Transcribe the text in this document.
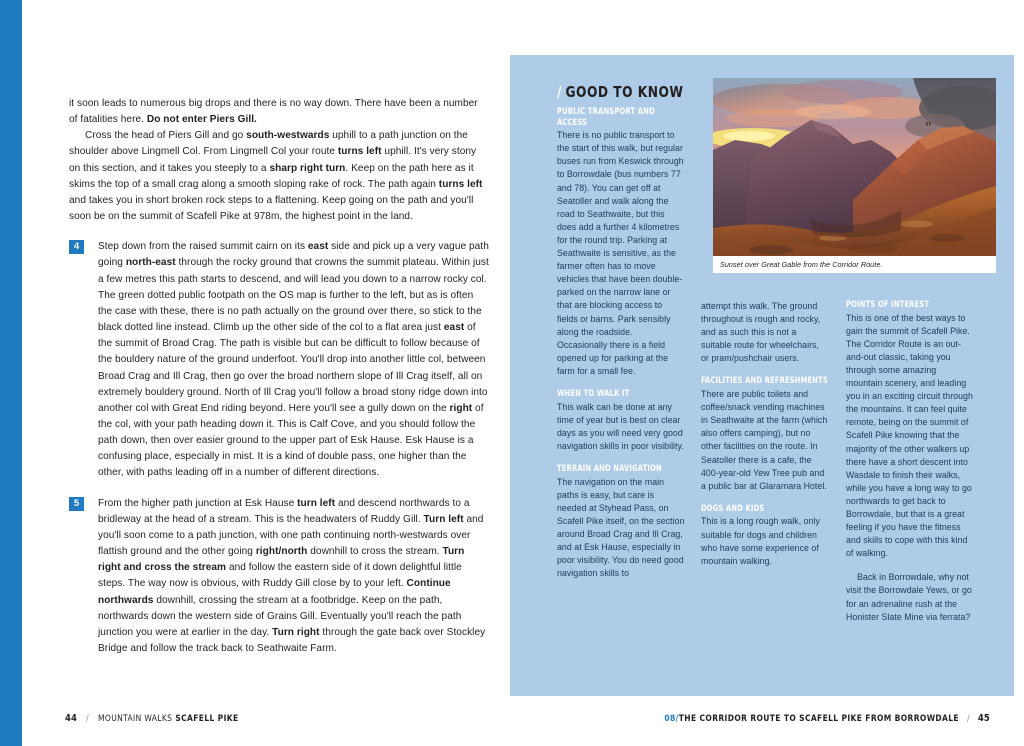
it soon leads to numerous big drops and there is no way down. There have been a number of fatalities here. Do not enter Piers Gill.

Cross the head of Piers Gill and go south-westwards uphill to a path junction on the shoulder above Lingmell Col. From Lingmell Col your route turns left uphill. It's very stony on this section, and it takes you steeply to a sharp right turn. Keep on the path here as it skims the top of a small crag along a smooth sloping rake of rock. The path again turns left and takes you in short broken rock steps to a flattening. Keep going on the path and you'll soon be on the summit of Scafell Pike at 978m, the highest point in the land.

4	Step down from the raised summit cairn on its east side and pick up a very vague path going north-east through the rocky ground that crowns the summit plateau. Within just a few metres this path starts to descend, and will lead you down to a narrow rocky col. The green dotted public footpath on the OS map is further to the left, but as is often the case with these, there is no path actually on the ground over there, so stick to the black dotted line instead. Climb up the other side of the col to a flat area just east of the summit of Broad Crag. The path is visible but can be difficult to follow because of the bouldery nature of the ground underfoot. You'll drop into another little col, between Broad Crag and Ill Crag, then go over the broad northern slope of Ill Crag itself, all on extremely bouldery ground. North of Ill Crag you'll follow a broad stony ridge down into another col with Great End riding beyond. Here you'll see a gully down on the right of the col, with your path heading down it. This is Calf Cove, and you should follow the path down, then over easier ground to the upper part of Esk Hause. Esk Hause is a confusing place, especially in mist. It is a kind of double pass, one higher than the other, with paths leading off in a number of different directions.

5	From the higher path junction at Esk Hause turn left and descend northwards to a bridleway at the head of a stream. This is the headwaters of Ruddy Gill. Turn left and you'll soon come to a path junction, with one path continuing north-westwards over flattish ground and the other going right/north downhill to cross the stream. Turn right and cross the stream and follow the eastern side of it down delightful little steps. The way now is obvious, with Ruddy Gill close by to your left. Continue northwards downhill, crossing the stream at a footbridge. Keep on the path, northwards down the western side of Grains Gill. Eventually you'll reach the path junction you were at earlier in the day. Turn right through the gate back over Stockley Bridge and follow the track back to Seathwaite Farm.

44 / MOUNTAIN WALKS SCAFELL PIKE
/ GOOD TO KNOW
Sunset over Great Gable from the Corridor Route.
PUBLIC TRANSPORT AND ACCESS

There is no public transport to the start of this walk, but regular buses run from Keswick through to Borrowdale (bus numbers 77 and 78). You can get off at Seatoller and walk along the road to Seathwaite, but this does add a further 4 kilometres for the round trip. Parking at Seathwaite is sensitive, as the farmer often has to move vehicles that have been double-parked on the narrow lane or that are blocking access to fields or barns. Park sensibly along the roadside. Occasionally there is a field opened up for parking at the farm for a small fee.

WHEN TO WALK IT

This walk can be done at any time of year but is best on clear days as you will need very good navigation skills in poor visibility.

TERRAIN AND NAVIGATION

The navigation on the main paths is easy, but care is needed at Styhead Pass, on Scafell Pike itself, on the section around Broad Crag and Ill Crag, and at Esk Hause, especially in poor visibility. You do need good navigation skills to

attempt this walk. The ground throughout is rough and rocky, and as such this is not a suitable route for wheelchairs, or pram/pushchair users.

FACILITIES AND REFRESHMENTS

There are public toilets and coffee/snack vending machines in Seathwaite at the farm (which also offers camping), but no other facilities on the route. In Seatoller there is a cafe, the 400-year-old Yew Tree pub and a public bar at Glaramara Hotel.

DOGS AND KIDS

This is a long rough walk, only suitable for dogs and children who have some experience of mountain walking.

POINTS OF INTEREST

This is one of the best ways to gain the summit of Scafell Pike. The Corridor Route is an out-and-out classic, taking you through some amazing mountain scenery, and leading you in an exciting circuit through the mountains. It can feel quite remote, being on the summit of Scafell Pike knowing that the majority of the other walkers up there have a short descent into Wasdale to finish their walks, while you have a long way to go northwards to get back to Borrowdale, but that is a great feeling if you have the fitness and skills to cope with this kind of walking.

Back in Borrowdale, why not visit the Borrowdale Yews, or go for an adrenaline rush at the Honister Slate Mine via ferrata?

08/THE CORRIDOR ROUTE TO SCAFELL PIKE FROM BORROWDALE / 45
